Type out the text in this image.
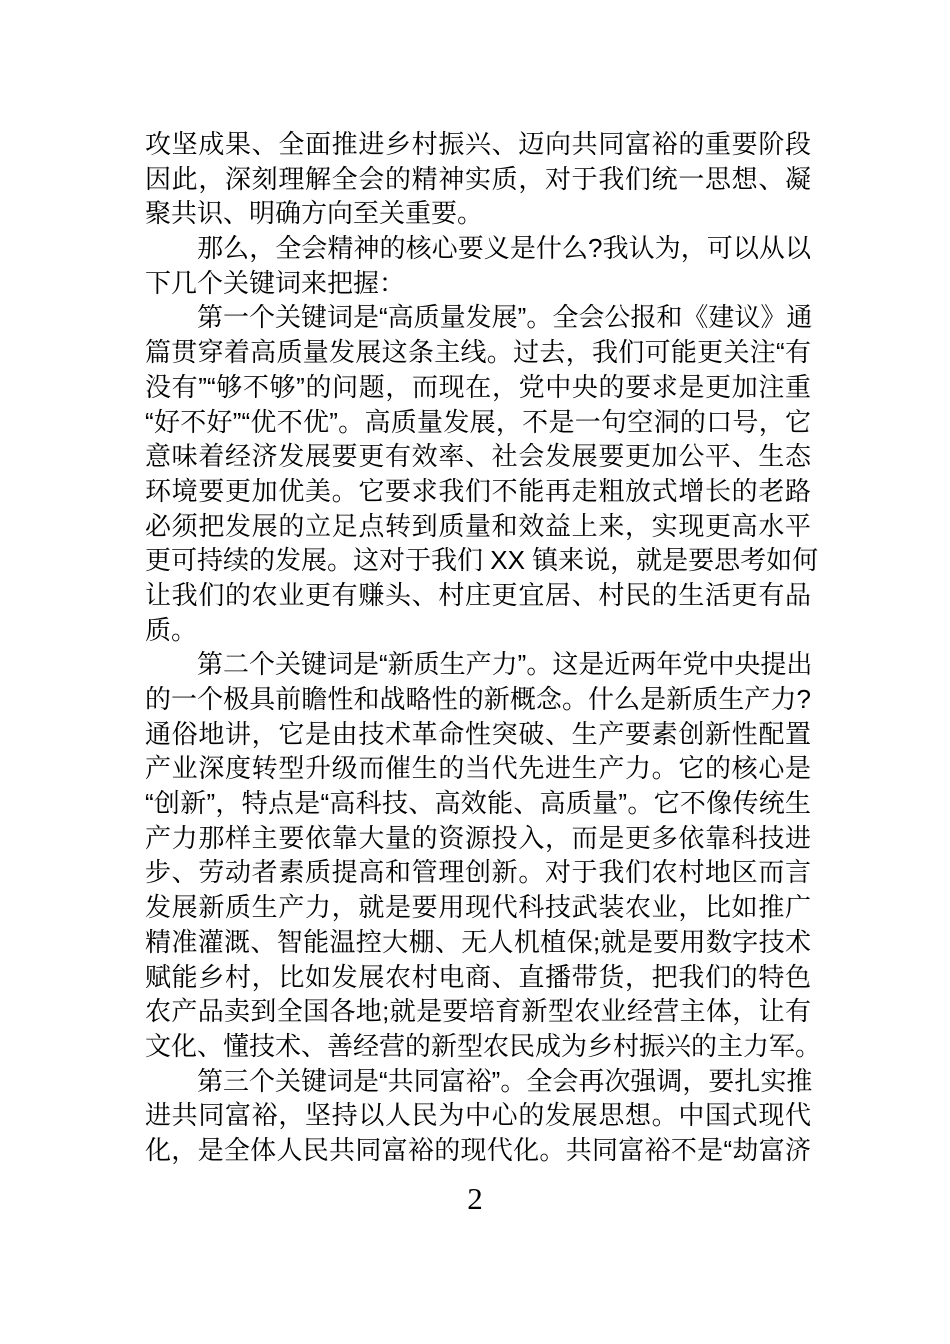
攻坚成果、全面推进乡村振兴、迈向共同富裕的重要阶段
因此，深刻理解全会的精神实质，对于我们统一思想、凝
聚共识、明确方向至关重要。
　　那么，全会精神的核心要义是什么?我认为，可以从以
下几个关键词来把握：
　　第一个关键词是“高质量发展”。全会公报和《建议》通
篇贯穿着高质量发展这条主线。过去，我们可能更关注“有
没有”“够不够”的问题，而现在，党中央的要求是更加注重
“好不好”“优不优”。高质量发展，不是一句空洞的口号，它
意味着经济发展要更有效率、社会发展要更加公平、生态
环境要更加优美。它要求我们不能再走粗放式增长的老路
必须把发展的立足点转到质量和效益上来，实现更高水平
更可持续的发展。这对于我们 XX 镇来说，就是要思考如何
让我们的农业更有赚头、村庄更宜居、村民的生活更有品
质。
　　第二个关键词是“新质生产力”。这是近两年党中央提出
的一个极具前瞻性和战略性的新概念。什么是新质生产力?
通俗地讲，它是由技术革命性突破、生产要素创新性配置
产业深度转型升级而催生的当代先进生产力。它的核心是
“创新”，特点是“高科技、高效能、高质量”。它不像传统生
产力那样主要依靠大量的资源投入，而是更多依靠科技进
步、劳动者素质提高和管理创新。对于我们农村地区而言
发展新质生产力，就是要用现代科技武装农业，比如推广
精准灌溉、智能温控大棚、无人机植保;就是要用数字技术
赋能乡村，比如发展农村电商、直播带货，把我们的特色
农产品卖到全国各地;就是要培育新型农业经营主体，让有
文化、懂技术、善经营的新型农民成为乡村振兴的主力军。
　　第三个关键词是“共同富裕”。全会再次强调，要扎实推
进共同富裕，坚持以人民为中心的发展思想。中国式现代
化，是全体人民共同富裕的现代化。共同富裕不是“劫富济
2
